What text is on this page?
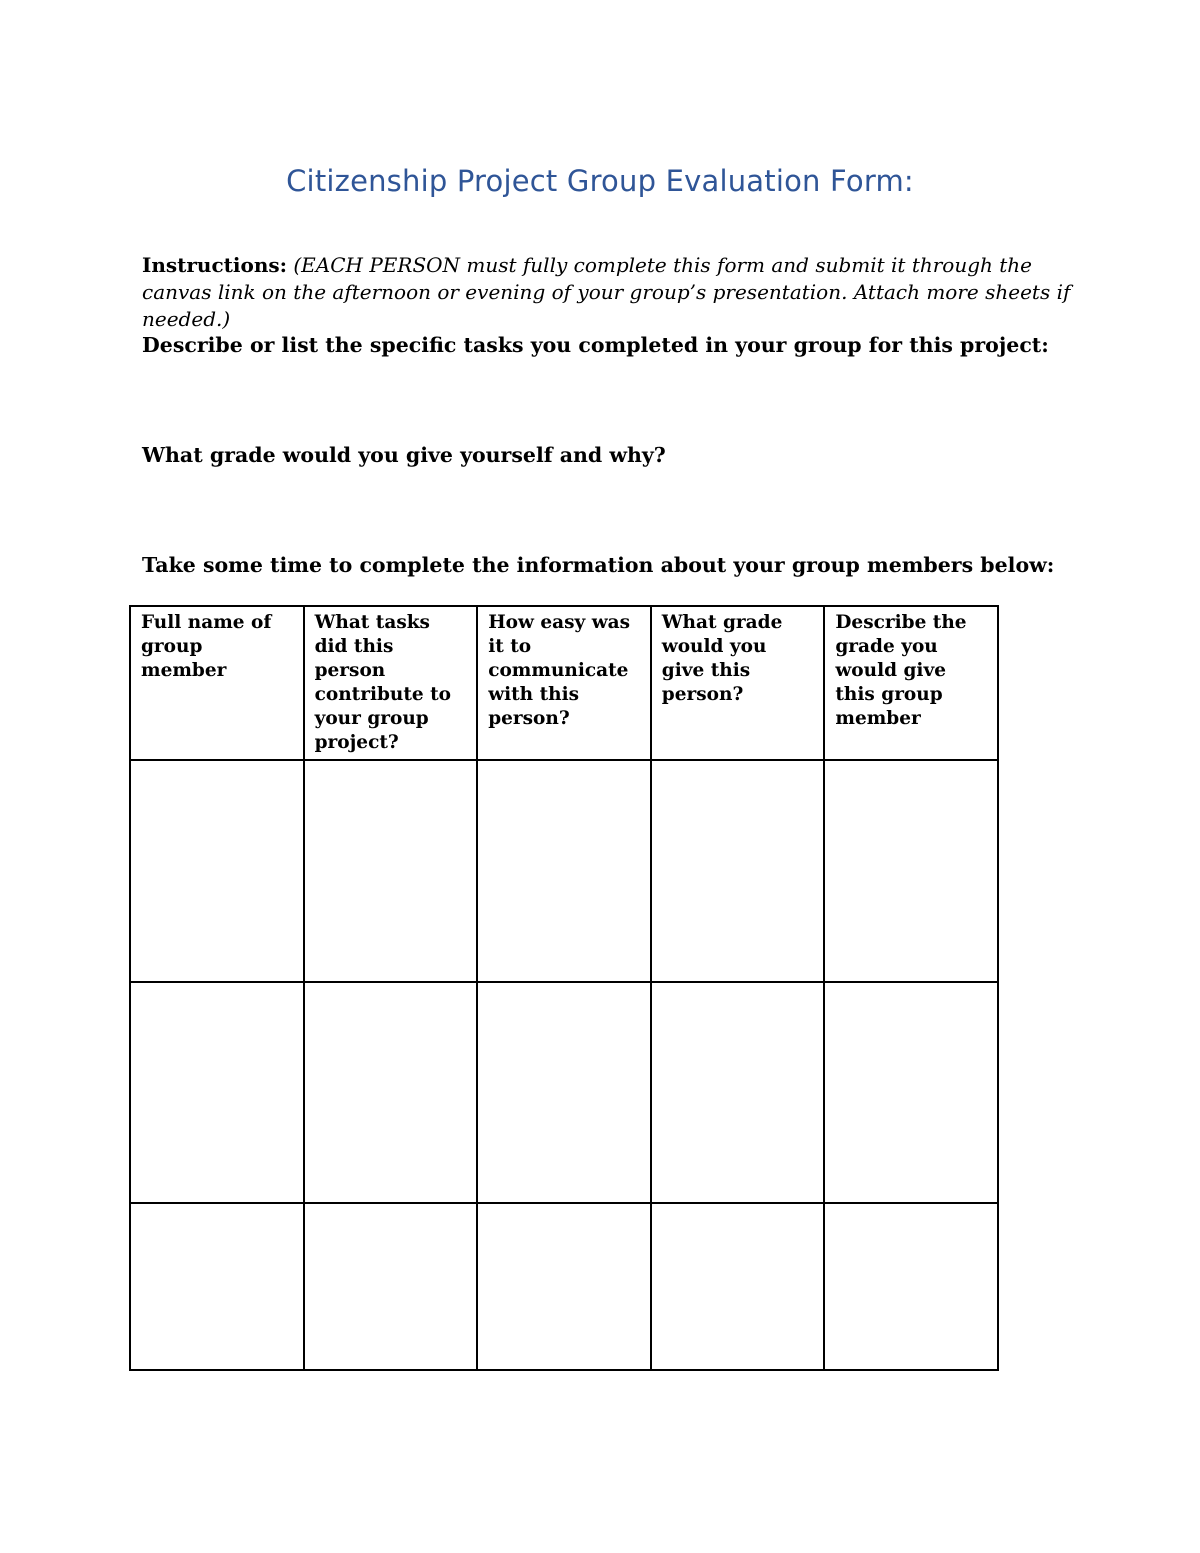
Citizenship Project Group Evaluation Form:

Instructions: (EACH PERSON must fully complete this form and submit it through the canvas link on the afternoon or evening of your group’s presentation. Attach more sheets if needed.)

Describe or list the specific tasks you completed in your group for this project:

What grade would you give yourself and why?

Take some time to complete the information about your group members below:

Full name of group member	What tasks did this person contribute to your group project?	How easy was it to communicate with this person?	What grade would you give this person?	Describe the grade you would give this group member
